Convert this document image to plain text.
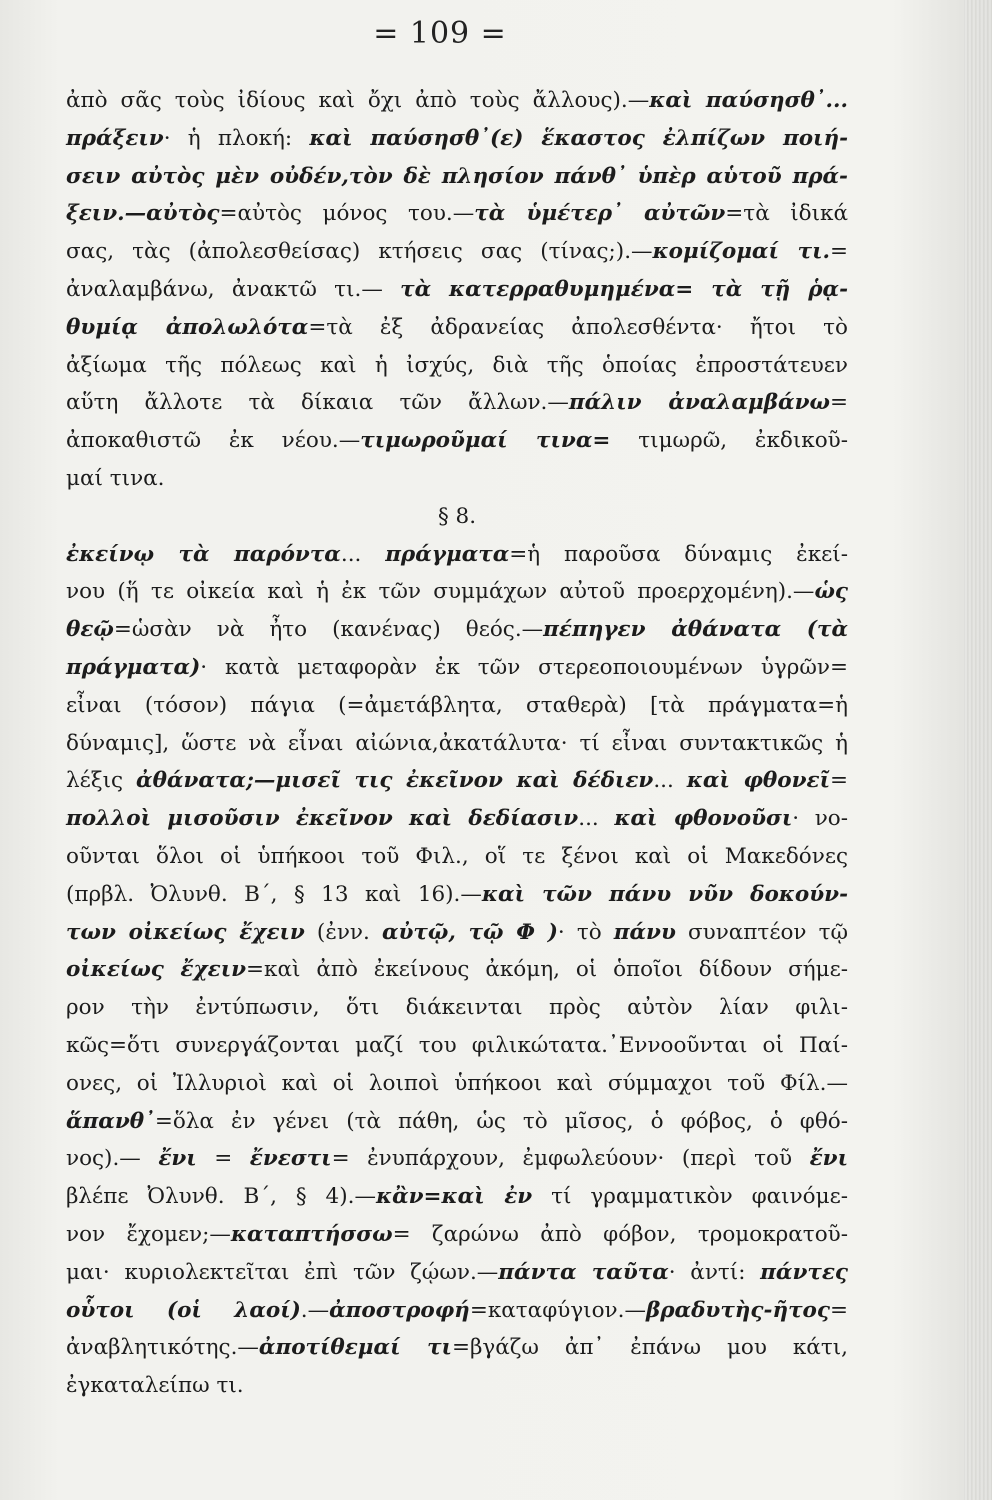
= 109 =
ἀπὸ σᾶς τοὺς ἰδίους καὶ ὄχι ἀπὸ τοὺς ἄλλους).—καὶ παύσησθ᾽...
πράξειν· ἡ πλοκή: καὶ παύσησθ᾽(ε) ἕκαστος ἐλπίζων ποιή-
σειν αὐτὸς μὲν οὐδέν,τὸν δὲ πλησίον πάνθ᾽ ὑπὲρ αὑτοῦ πρά-
ξειν.—αὐτὸς=αὐτὸς μόνος του.—τὰ ὑμέτερ᾽ αὐτῶν=τὰ ἰδικά
σας, τὰς (ἀπολεσθείσας) κτήσεις σας (τίνας;).—κομίζομαί τι.=
ἀναλαμβάνω, ἀνακτῶ τι.— τὰ κατερραθυμημένα= τὰ τῇ ῥᾳ-
θυμίᾳ ἀπολωλότα=τὰ ἐξ ἀδρανείας ἀπολεσθέντα· ἤτοι τὸ
ἀξίωμα τῆς πόλεως καὶ ἡ ἰσχύς, διὰ τῆς ὁποίας ἐπροστάτευεν
αὕτη ἄλλοτε τὰ δίκαια τῶν ἄλλων.—πάλιν ἀναλαμβάνω=
ἀποκαθιστῶ ἐκ νέου.—τιμωροῦμαί τινα= τιμωρῶ, ἐκδικοῦ-
μαί τινα.
§ 8.
ἐκείνῳ τὰ παρόντα... πράγματα=ἡ παροῦσα δύναμις ἐκεί-
νου (ἥ τε οἰκεία καὶ ἡ ἐκ τῶν συμμάχων αὐτοῦ προερχομένη).—ὡς
θεῷ=ὡσὰν νὰ ἦτο (κανένας) θεός.—πέπηγεν ἀθάνατα (τὰ
πράγματα)· κατὰ μεταφορὰν ἐκ τῶν στερεοποιουμένων ὑγρῶν=
εἶναι (τόσον) πάγια (=ἀμετάβλητα, σταθερὰ) [τὰ πράγματα=ἡ
δύναμις], ὥστε νὰ εἶναι αἰώνια,ἀκατάλυτα· τί εἶναι συντακτικῶς ἡ
λέξις ἀθάνατα;—μισεῖ τις ἐκεῖνον καὶ δέδιεν... καὶ φθονεῖ=
πολλοὶ μισοῦσιν ἐκεῖνον καὶ δεδίασιν... καὶ φθονοῦσι· νο-
οῦνται ὅλοι οἱ ὑπήκοοι τοῦ Φιλ., οἵ τε ξένοι καὶ οἱ Μακεδόνες
(πρβλ. Ὀλυνθ. Β΄, § 13 καὶ 16).—καὶ τῶν πάνυ νῦν δοκούν-
των οἰκείως ἔχειν (ἐνν. αὐτῷ, τῷ Φ )· τὸ πάνυ συναπτέον τῷ
οἰκείως ἔχειν=καὶ ἀπὸ ἐκείνους ἀκόμη, οἱ ὁποῖοι δίδουν σήμε-
ρον τὴν ἐντύπωσιν, ὅτι διάκεινται πρὸς αὐτὸν λίαν φιλι-
κῶς=ὅτι συνεργάζονται μαζί του φιλικώτατα.᾽Εννοοῦνται οἱ Παί-
ονες, οἱ Ἰλλυριοὶ καὶ οἱ λοιποὶ ὑπήκοοι καὶ σύμμαχοι τοῦ Φίλ.—
ἅπανθ᾽=ὅλα ἐν γένει (τὰ πάθη, ὡς τὸ μῖσος, ὁ φόβος, ὁ φθό-
νος).— ἔνι = ἔνεστι= ἐνυπάρχουν, ἐμφωλεύουν· (περὶ τοῦ ἔνι
βλέπε Ὀλυνθ. Β΄, § 4).—κἂν=καὶ ἐν τί γραμματικὸν φαινόμε-
νον ἔχομεν;—καταπτήσσω= ζαρώνω ἀπὸ φόβον, τρομοκρατοῦ-
μαι· κυριολεκτεῖται ἐπὶ τῶν ζῴων.—πάντα ταῦτα· ἀντί: πάντες
οὗτοι (οἱ λαοί).—ἀποστροφή=καταφύγιον.—βραδυτὴς-ῆτος=
ἀναβλητικότης.—ἀποτίθεμαί τι=βγάζω ἀπ᾽ ἐπάνω μου κάτι,
ἐγκαταλείπω τι.
